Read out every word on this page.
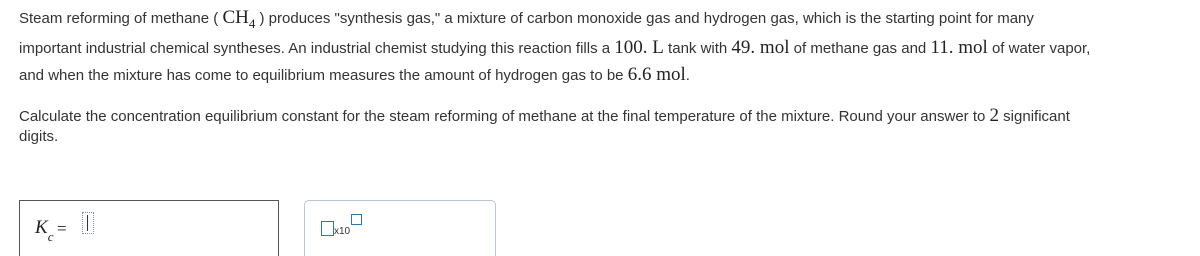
Steam reforming of methane ( $CH_4$ ) produces "synthesis gas," a mixture of carbon monoxide gas and hydrogen gas, which is the starting point for many
important industrial chemical syntheses. An industrial chemist studying this reaction fills a 100. L tank with 49. mol of methane gas and 11. mol of water vapor,
and when the mixture has come to equilibrium measures the amount of hydrogen gas to be 6.6 mol.
Calculate the concentration equilibrium constant for the steam reforming of methane at the final temperature of the mixture. Round your answer to 2 significant
digits.
$K_c$ =	x10
